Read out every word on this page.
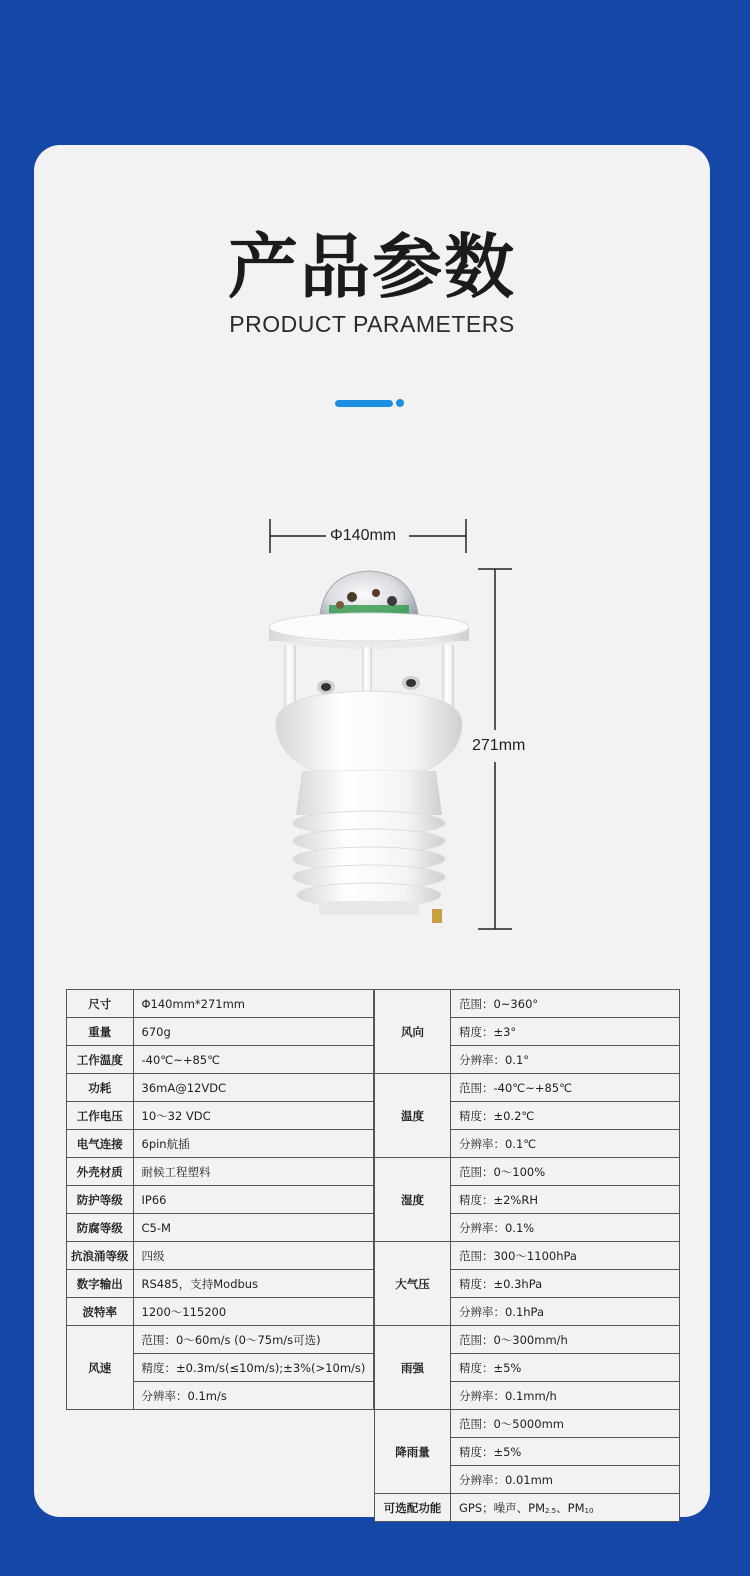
产品参数
PRODUCT PARAMETERS
Φ140mm
271mm
尺寸	Φ140mm*271mm
重量	670g
工作温度	-40℃~+85℃
功耗	36mA@12VDC
工作电压	10～32 VDC
电气连接	6pin航插
外壳材质	耐候工程塑料
防护等级	IP66
防腐等级	C5-M
抗浪涌等级	四级
数字输出	RS485，支持Modbus
波特率	1200～115200
风速	范围：0～60m/s (0～75m/s可选)
	精度：±0.3m/s(≤10m/s);±3%(>10m/s)
	分辨率：0.1m/s
风向	范围：0~360°
	精度：±3°
	分辨率：0.1°
温度	范围：-40℃~+85℃
	精度：±0.2℃
	分辨率：0.1℃
湿度	范围：0～100%
	精度：±2%RH
	分辨率：0.1%
大气压	范围：300～1100hPa
	精度：±0.3hPa
	分辨率：0.1hPa
雨强	范围：0～300mm/h
	精度：±5%
	分辨率：0.1mm/h
降雨量	范围：0～5000mm
	精度：±5%
	分辨率：0.01mm
可选配功能	GPS；噪声、$PM_{2.5}$、$PM_{10}$
